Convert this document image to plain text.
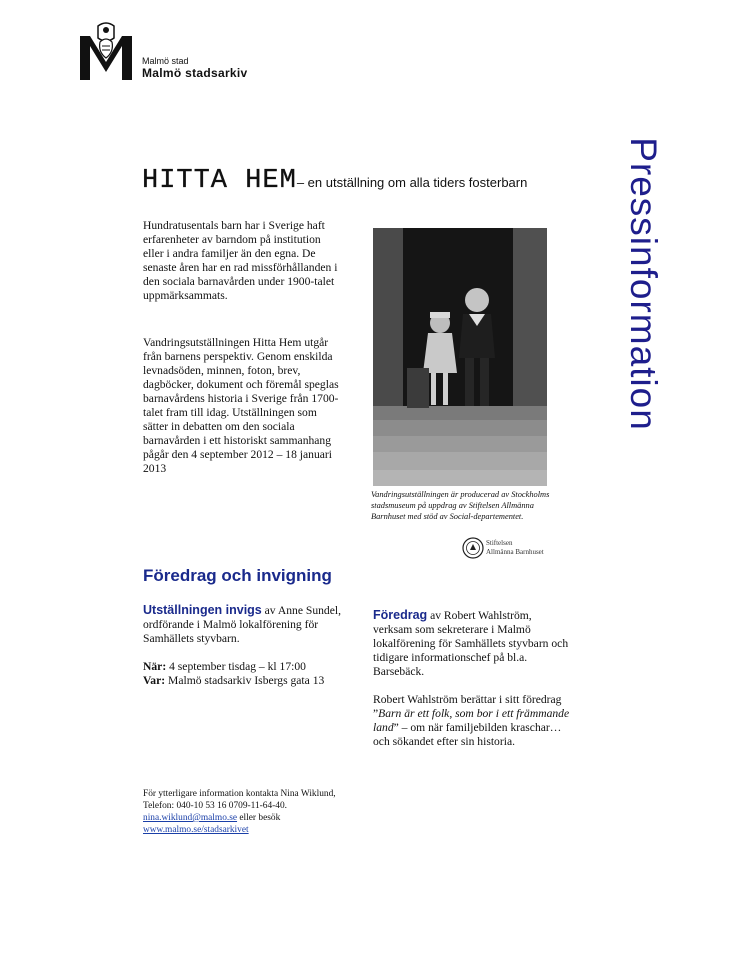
Malmö stad
Malmö stadsarkiv
Pressinformation
HITTA HEM– en utställning om alla tiders fosterbarn
Hundratusentals barn har i Sverige haft erfarenheter av barndom på institution eller i andra familjer än den egna. De senaste åren har en rad missförhållanden i den sociala barnavården under 1900-talet uppmärksammats.
Vandringsutställningen Hitta Hem utgår från barnens perspektiv. Genom enskilda levnadsöden, minnen, foton, brev, dagböcker, dokument och föremål speglas barnavårdens historia i Sverige från 1700-talet fram till idag. Utställningen som sätter in debatten om den sociala barnavården i ett historiskt sammanhang pågår den 4 september 2012 – 18 januari 2013
Vandringsutställningen är producerad av Stockholms stadsmuseum på uppdrag av Stiftelsen Allmänna Barnhuset med stöd av Social-departementet.
Stiftelsen
Allmänna Barnhuset
Föredrag och invigning
Utställningen invigs av Anne Sundel, ordförande i Malmö lokalförening för Samhällets styvbarn.
När: 4 september tisdag – kl 17:00
Var: Malmö stadsarkiv Isbergs gata 13
Föredrag av Robert Wahlström, verksam som sekreterare i Malmö lokalförening för Samhällets styvbarn och tidigare informationschef på bl.a. Barsebäck.
Robert Wahlström berättar i sitt föredrag ”Barn är ett folk, som bor i ett främmande land” – om när familjebilden kraschar… och sökandet efter sin historia.
För ytterligare information kontakta Nina Wiklund, Telefon: 040-10 53 16 0709-11-64-40. nina.wiklund@malmo.se eller besök www.malmo.se/stadsarkivet
